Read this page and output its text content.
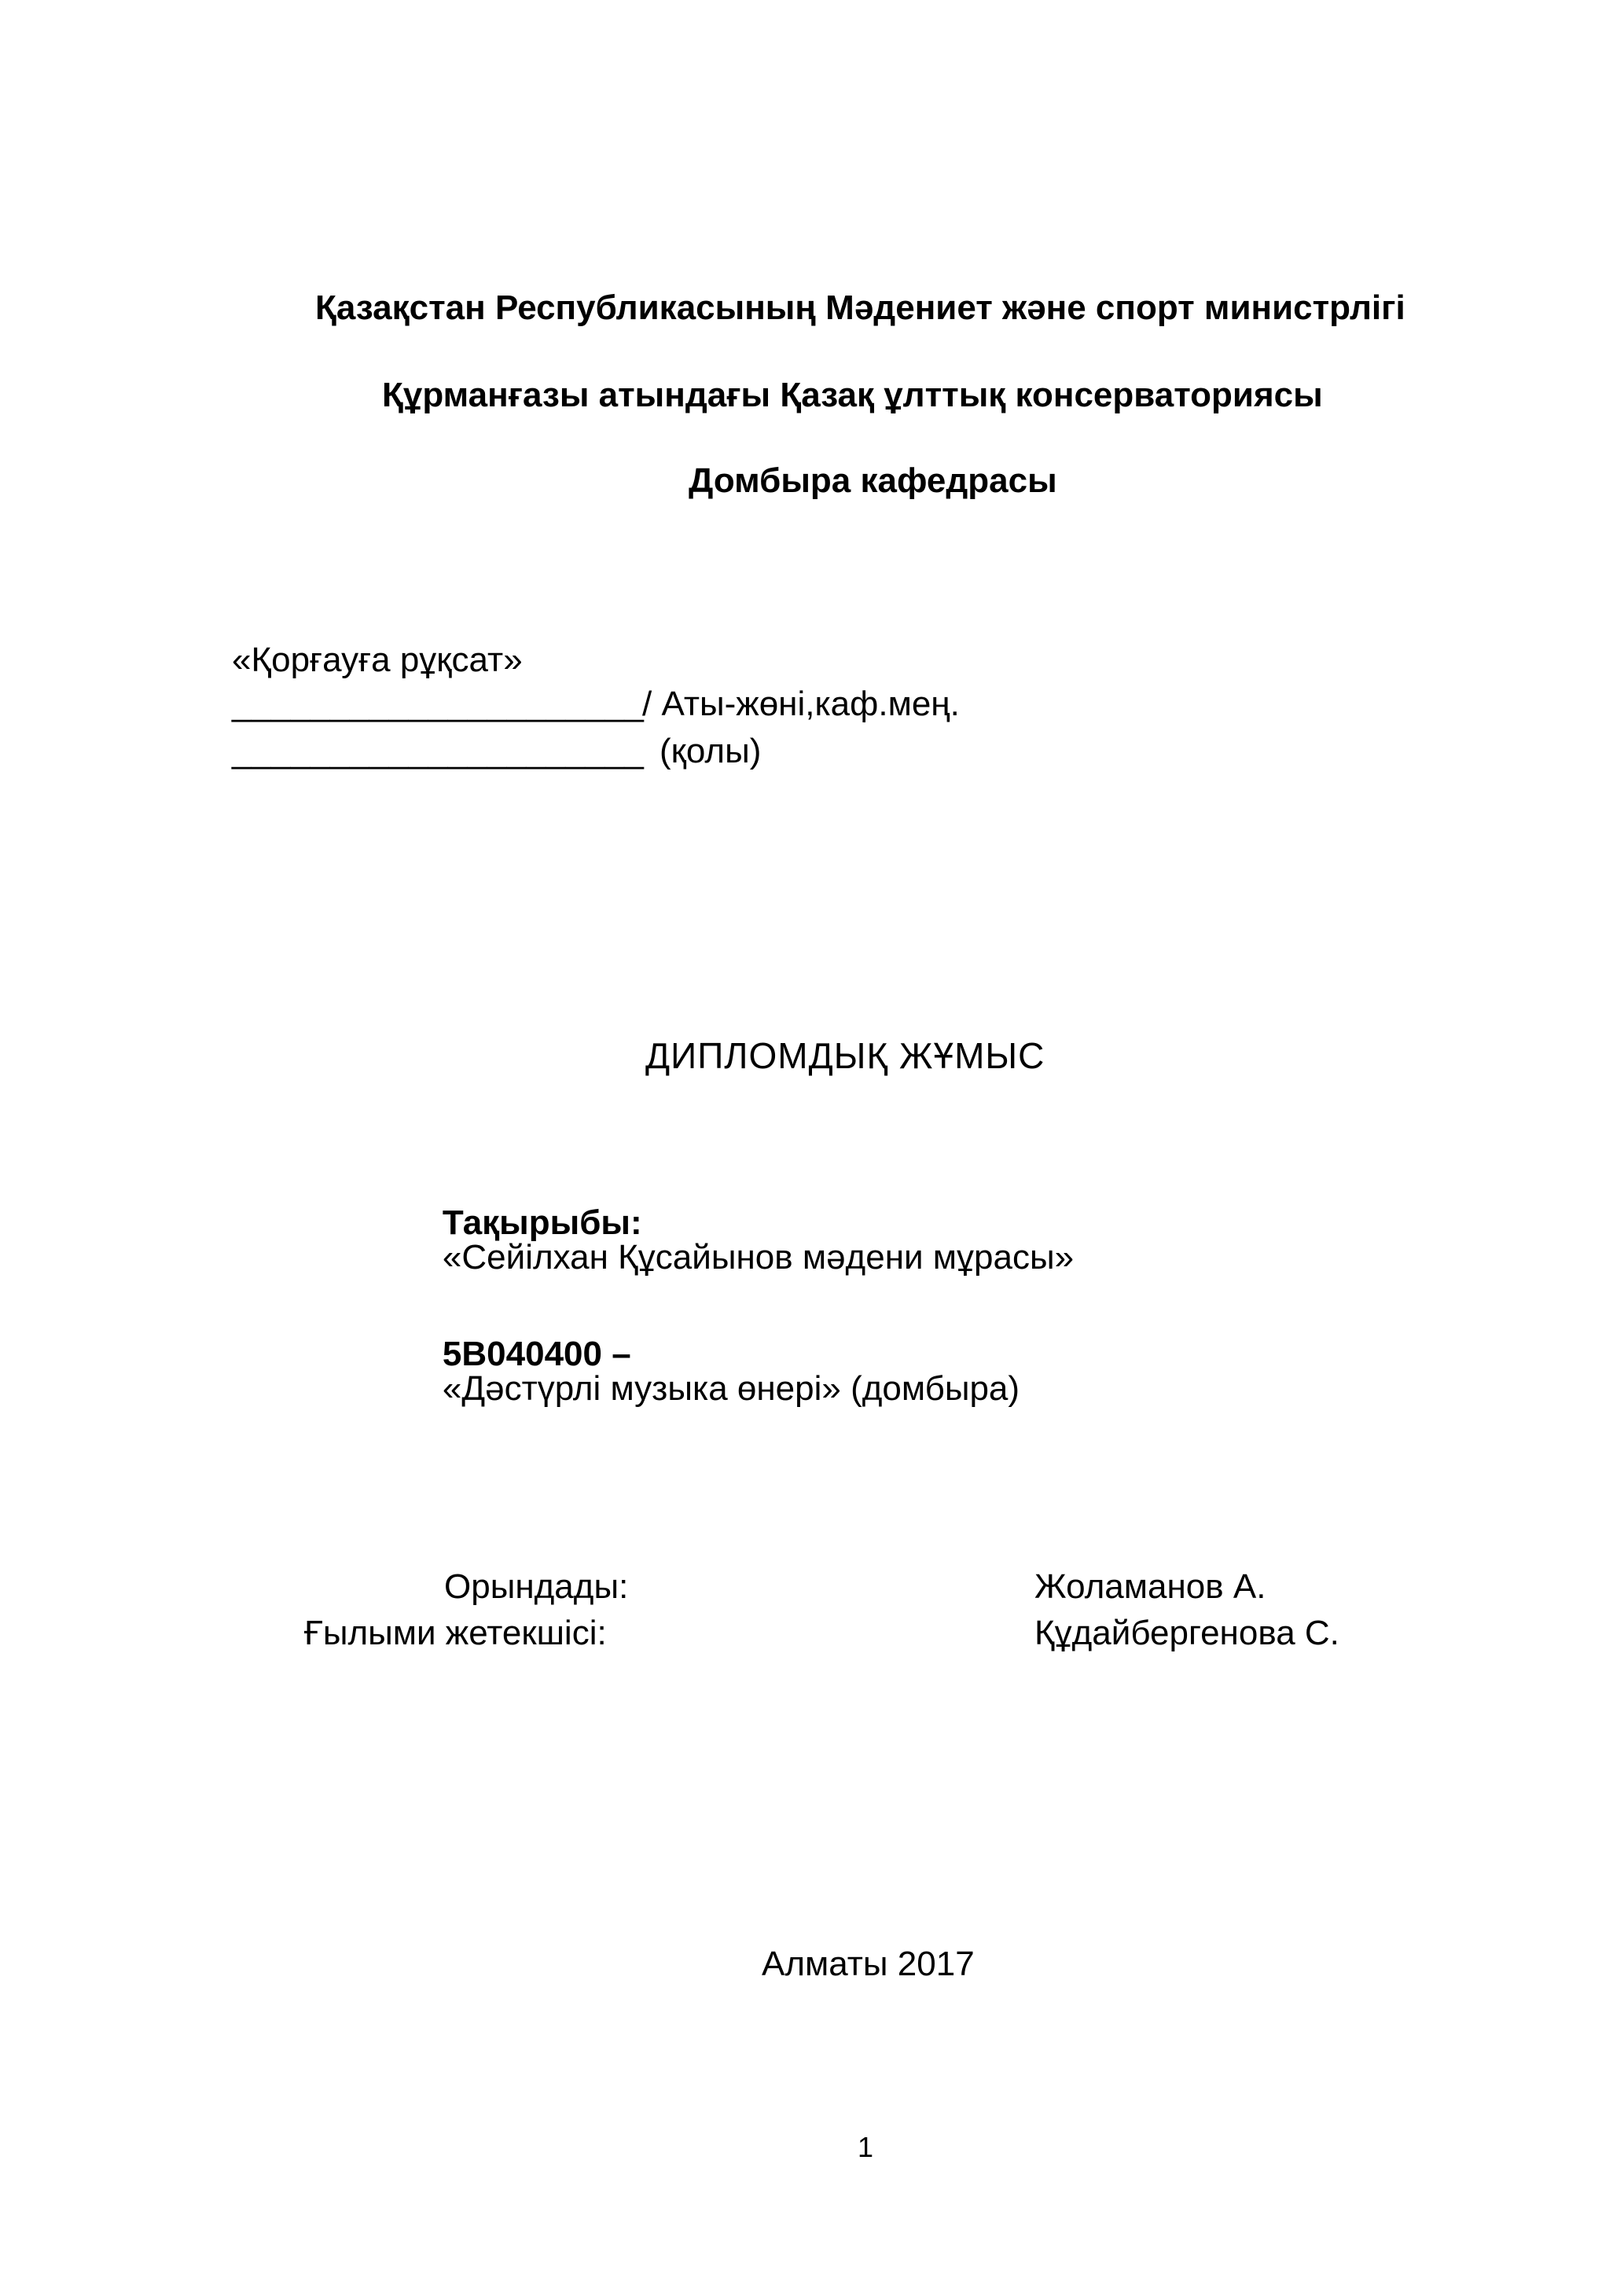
Қазақстан Республикасының Мәдениет және спорт министрлігі
Құрманғазы атындағы Қазақ ұлттық консерваториясы
Домбыра кафедрасы
«Қорғауға рұқсат»
_____________________
/ Аты-жөні,каф.мең.
_____________________ (қолы)
ДИПЛОМДЫҚ ЖҰМЫС

Тақырыбы:
«Сейілхан Құсайынов мәдени мұрасы»

5В040400 –
«Дәстүрлі музыка өнері» (домбыра)

Орындады:	Жоламанов А.
Ғылыми жетекшісі:	Құдайбергенова С.
Алматы 2017
1
